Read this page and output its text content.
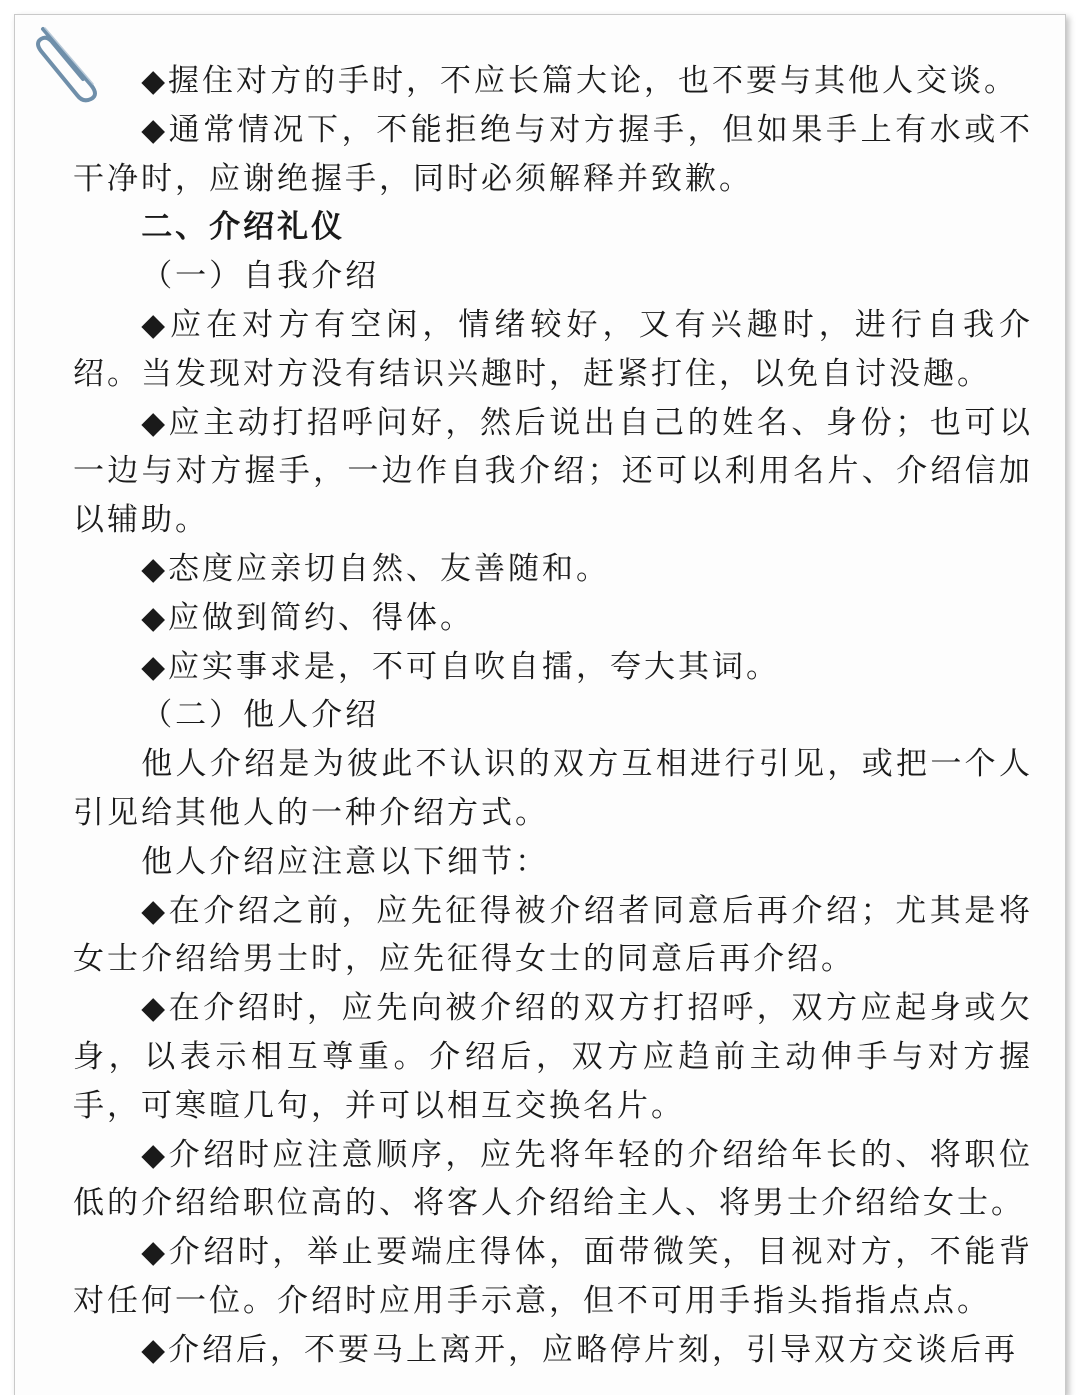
◆握住对方的手时，不应长篇大论，也不要与其他人交谈。

◆通常情况下，不能拒绝与对方握手，但如果手上有水或不干净时，应谢绝握手，同时必须解释并致歉。

二、介绍礼仪

（一）自我介绍

◆应在对方有空闲，情绪较好，又有兴趣时，进行自我介绍。当发现对方没有结识兴趣时，赶紧打住，以免自讨没趣。

◆应主动打招呼问好，然后说出自己的姓名、身份；也可以一边与对方握手，一边作自我介绍；还可以利用名片、介绍信加以辅助。

◆态度应亲切自然、友善随和。

◆应做到简约、得体。

◆应实事求是，不可自吹自擂，夸大其词。

（二）他人介绍

他人介绍是为彼此不认识的双方互相进行引见，或把一个人引见给其他人的一种介绍方式。

他人介绍应注意以下细节：

◆在介绍之前，应先征得被介绍者同意后再介绍；尤其是将女士介绍给男士时，应先征得女士的同意后再介绍。

◆在介绍时，应先向被介绍的双方打招呼，双方应起身或欠身，以表示相互尊重。介绍后，双方应趋前主动伸手与对方握手，可寒暄几句，并可以相互交换名片。

◆介绍时应注意顺序，应先将年轻的介绍给年长的、将职位低的介绍给职位高的、将客人介绍给主人、将男士介绍给女士。

◆介绍时，举止要端庄得体，面带微笑，目视对方，不能背对任何一位。介绍时应用手示意，但不可用手指头指指点点。

◆介绍后，不要马上离开，应略停片刻，引导双方交谈后再
